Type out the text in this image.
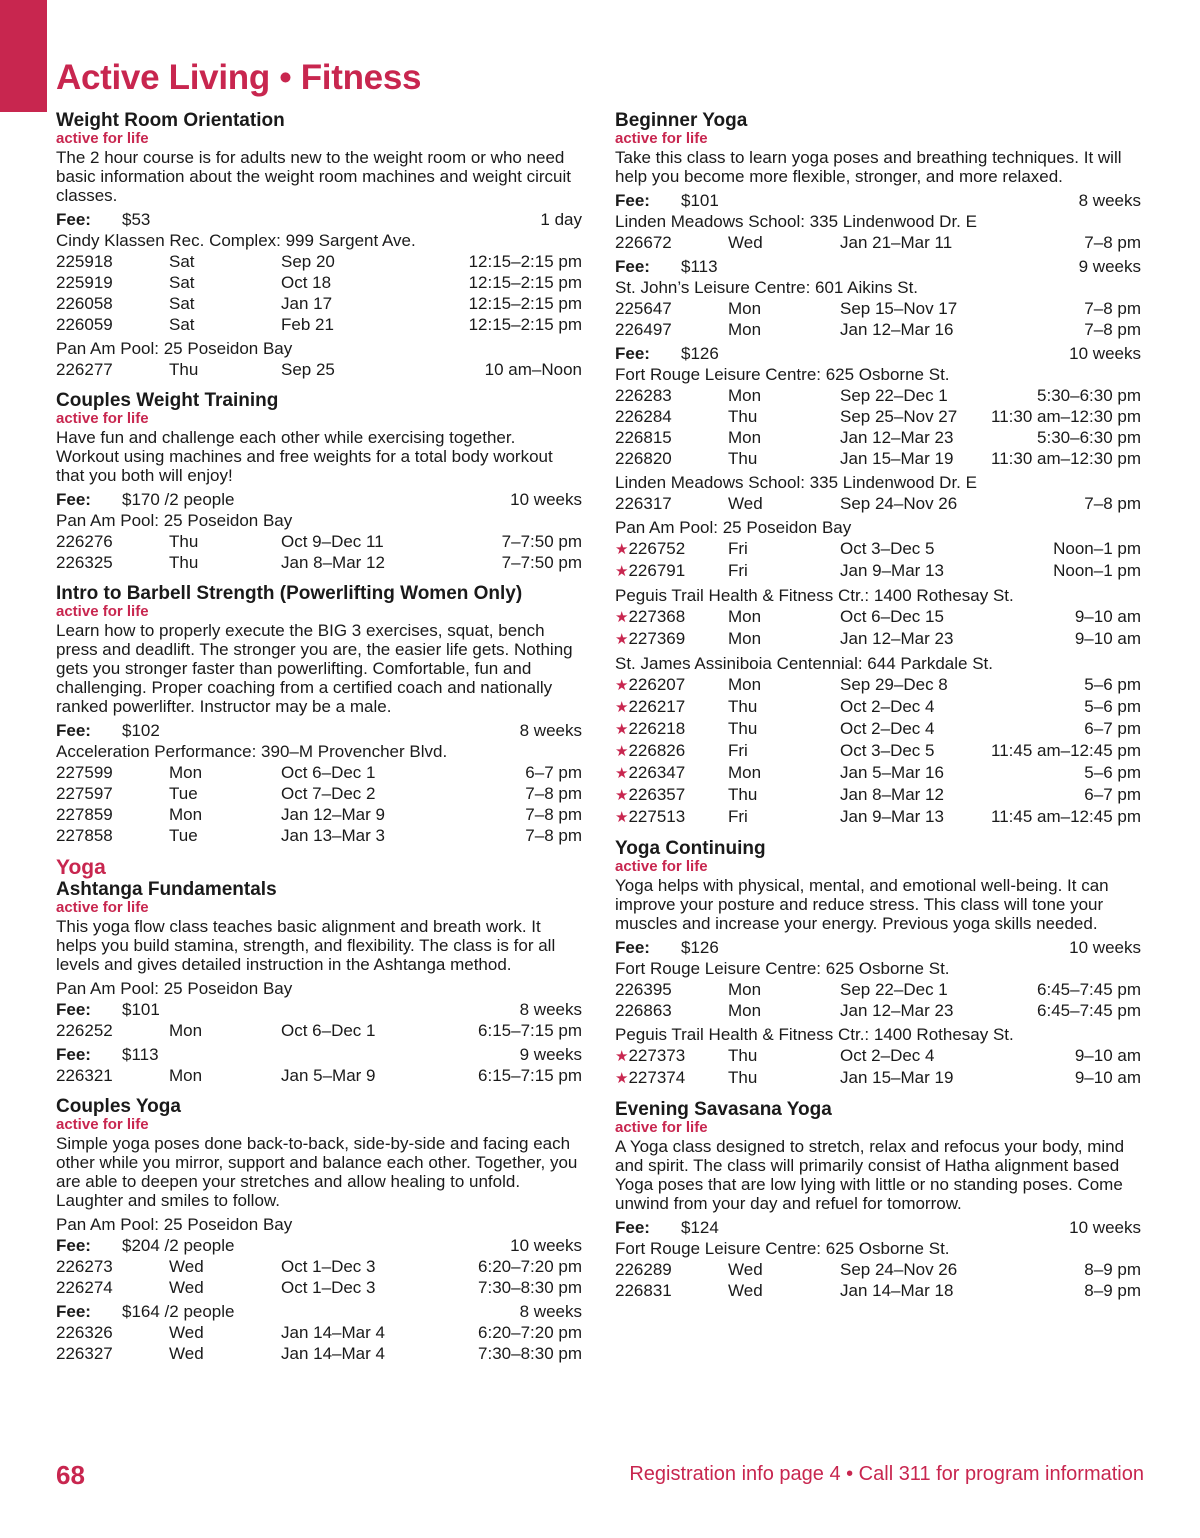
Active Living • Fitness
Weight Room Orientation
active for life
The 2 hour course is for adults new to the weight room or who need basic information about the weight room machines and weight circuit classes.
Fee:	$53	1 day
Cindy Klassen Rec. Complex: 999 Sargent Ave.
225918	Sat	Sep 20	12:15–2:15 pm
225919	Sat	Oct 18	12:15–2:15 pm
226058	Sat	Jan 17	12:15–2:15 pm
226059	Sat	Feb 21	12:15–2:15 pm
Pan Am Pool: 25 Poseidon Bay
226277	Thu	Sep 25	10 am–Noon
Couples Weight Training
active for life
Have fun and challenge each other while exercising together. Workout using machines and free weights for a total body workout that you both will enjoy!
Fee:	$170 /2 people	10 weeks
Pan Am Pool: 25 Poseidon Bay
226276	Thu	Oct 9–Dec 11	7–7:50 pm
226325	Thu	Jan 8–Mar 12	7–7:50 pm
Intro to Barbell Strength (Powerlifting Women Only)
active for life
Learn how to properly execute the BIG 3 exercises, squat, bench press and deadlift. The stronger you are, the easier life gets. Nothing gets you stronger faster than powerlifting. Comfortable, fun and challenging. Proper coaching from a certified coach and nationally ranked powerlifter. Instructor may be a male.
Fee:	$102	8 weeks
Acceleration Performance: 390–M Provencher Blvd.
227599	Mon	Oct 6–Dec 1	6–7 pm
227597	Tue	Oct 7–Dec 2	7–8 pm
227859	Mon	Jan 12–Mar 9	7–8 pm
227858	Tue	Jan 13–Mar 3	7–8 pm
Yoga
Ashtanga Fundamentals
active for life
This yoga flow class teaches basic alignment and breath work. It helps you build stamina, strength, and flexibility. The class is for all levels and gives detailed instruction in the Ashtanga method.
Pan Am Pool: 25 Poseidon Bay
Fee:	$101	8 weeks
226252	Mon	Oct 6–Dec 1	6:15–7:15 pm
Fee:	$113	9 weeks
226321	Mon	Jan 5–Mar 9	6:15–7:15 pm
Couples Yoga
active for life
Simple yoga poses done back-to-back, side-by-side and facing each other while you mirror, support and balance each other. Together, you are able to deepen your stretches and allow healing to unfold. Laughter and smiles to follow.
Pan Am Pool: 25 Poseidon Bay
Fee:	$204 /2 people	10 weeks
226273	Wed	Oct 1–Dec 3	6:20–7:20 pm
226274	Wed	Oct 1–Dec 3	7:30–8:30 pm
Fee:	$164 /2 people	8 weeks
226326	Wed	Jan 14–Mar 4	6:20–7:20 pm
226327	Wed	Jan 14–Mar 4	7:30–8:30 pm
Beginner Yoga
active for life
Take this class to learn yoga poses and breathing techniques. It will help you become more flexible, stronger, and more relaxed.
Fee:	$101	8 weeks
Linden Meadows School: 335 Lindenwood Dr. E
226672	Wed	Jan 21–Mar 11	7–8 pm
Fee:	$113	9 weeks
St. John’s Leisure Centre: 601 Aikins St.
225647	Mon	Sep 15–Nov 17	7–8 pm
226497	Mon	Jan 12–Mar 16	7–8 pm
Fee:	$126	10 weeks
Fort Rouge Leisure Centre: 625 Osborne St.
226283	Mon	Sep 22–Dec 1	5:30–6:30 pm
226284	Thu	Sep 25–Nov 27	11:30 am–12:30 pm
226815	Mon	Jan 12–Mar 23	5:30–6:30 pm
226820	Thu	Jan 15–Mar 19	11:30 am–12:30 pm
Linden Meadows School: 335 Lindenwood Dr. E
226317	Wed	Sep 24–Nov 26	7–8 pm
Pan Am Pool: 25 Poseidon Bay
★226752	Fri	Oct 3–Dec 5	Noon–1 pm
★226791	Fri	Jan 9–Mar 13	Noon–1 pm
Peguis Trail Health & Fitness Ctr.: 1400 Rothesay St.
★227368	Mon	Oct 6–Dec 15	9–10 am
★227369	Mon	Jan 12–Mar 23	9–10 am
St. James Assiniboia Centennial: 644 Parkdale St.
★226207	Mon	Sep 29–Dec 8	5–6 pm
★226217	Thu	Oct 2–Dec 4	5–6 pm
★226218	Thu	Oct 2–Dec 4	6–7 pm
★226826	Fri	Oct 3–Dec 5	11:45 am–12:45 pm
★226347	Mon	Jan 5–Mar 16	5–6 pm
★226357	Thu	Jan 8–Mar 12	6–7 pm
★227513	Fri	Jan 9–Mar 13	11:45 am–12:45 pm
Yoga Continuing
active for life
Yoga helps with physical, mental, and emotional well-being. It can improve your posture and reduce stress. This class will tone your muscles and increase your energy. Previous yoga skills needed.
Fee:	$126	10 weeks
Fort Rouge Leisure Centre: 625 Osborne St.
226395	Mon	Sep 22–Dec 1	6:45–7:45 pm
226863	Mon	Jan 12–Mar 23	6:45–7:45 pm
Peguis Trail Health & Fitness Ctr.: 1400 Rothesay St.
★227373	Thu	Oct 2–Dec 4	9–10 am
★227374	Thu	Jan 15–Mar 19	9–10 am
Evening Savasana Yoga
active for life
A Yoga class designed to stretch, relax and refocus your body, mind and spirit. The class will primarily consist of Hatha alignment based Yoga poses that are low lying with little or no standing poses. Come unwind from your day and refuel for tomorrow.
Fee:	$124	10 weeks
Fort Rouge Leisure Centre: 625 Osborne St.
226289	Wed	Sep 24–Nov 26	8–9 pm
226831	Wed	Jan 14–Mar 18	8–9 pm
68	Registration info page 4 • Call 311 for program information
